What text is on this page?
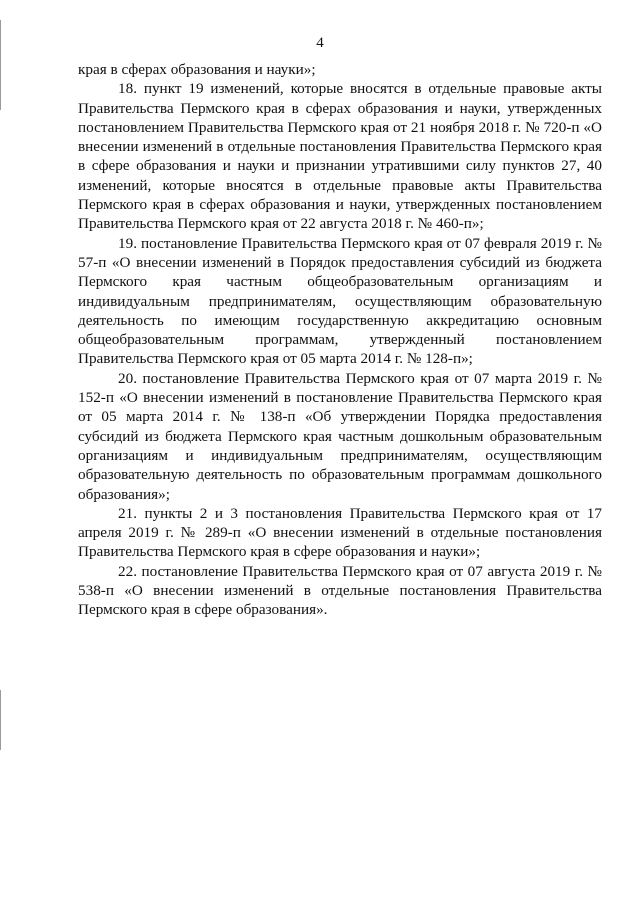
4

края в сферах образования и науки»;

18. пункт 19 изменений, которые вносятся в отдельные правовые акты Правительства Пермского края в сферах образования и науки, утвержденных постановлением Правительства Пермского края от 21 ноября 2018 г. № 720-п «О внесении изменений в отдельные постановления Правительства Пермского края в сфере образования и науки и признании утратившими силу пунктов 27, 40 изменений, которые вносятся в отдельные правовые акты Правительства Пермского края в сферах образования и науки, утвержденных постановлением Правительства Пермского края от 22 августа 2018 г. № 460-п»;

19. постановление Правительства Пермского края от 07 февраля 2019 г. № 57-п «О внесении изменений в Порядок предоставления субсидий из бюджета Пермского края частным общеобразовательным организациям и индивидуальным предпринимателям, осуществляющим образовательную деятельность по имеющим государственную аккредитацию основным общеобразовательным программам, утвержденный постановлением Правительства Пермского края от 05 марта 2014 г. № 128-п»;

20. постановление Правительства Пермского края от 07 марта 2019 г. № 152-п «О внесении изменений в постановление Правительства Пермского края от 05 марта 2014 г. № 138-п «Об утверждении Порядка предоставления субсидий из бюджета Пермского края частным дошкольным образовательным организациям и индивидуальным предпринимателям, осуществляющим образовательную деятельность по образовательным программам дошкольного образования»;

21. пункты 2 и 3 постановления Правительства Пермского края от 17 апреля 2019 г. № 289-п «О внесении изменений в отдельные постановления Правительства Пермского края в сфере образования и науки»;

22. постановление Правительства Пермского края от 07 августа 2019 г. № 538-п «О внесении изменений в отдельные постановления Правительства Пермского края в сфере образования».
